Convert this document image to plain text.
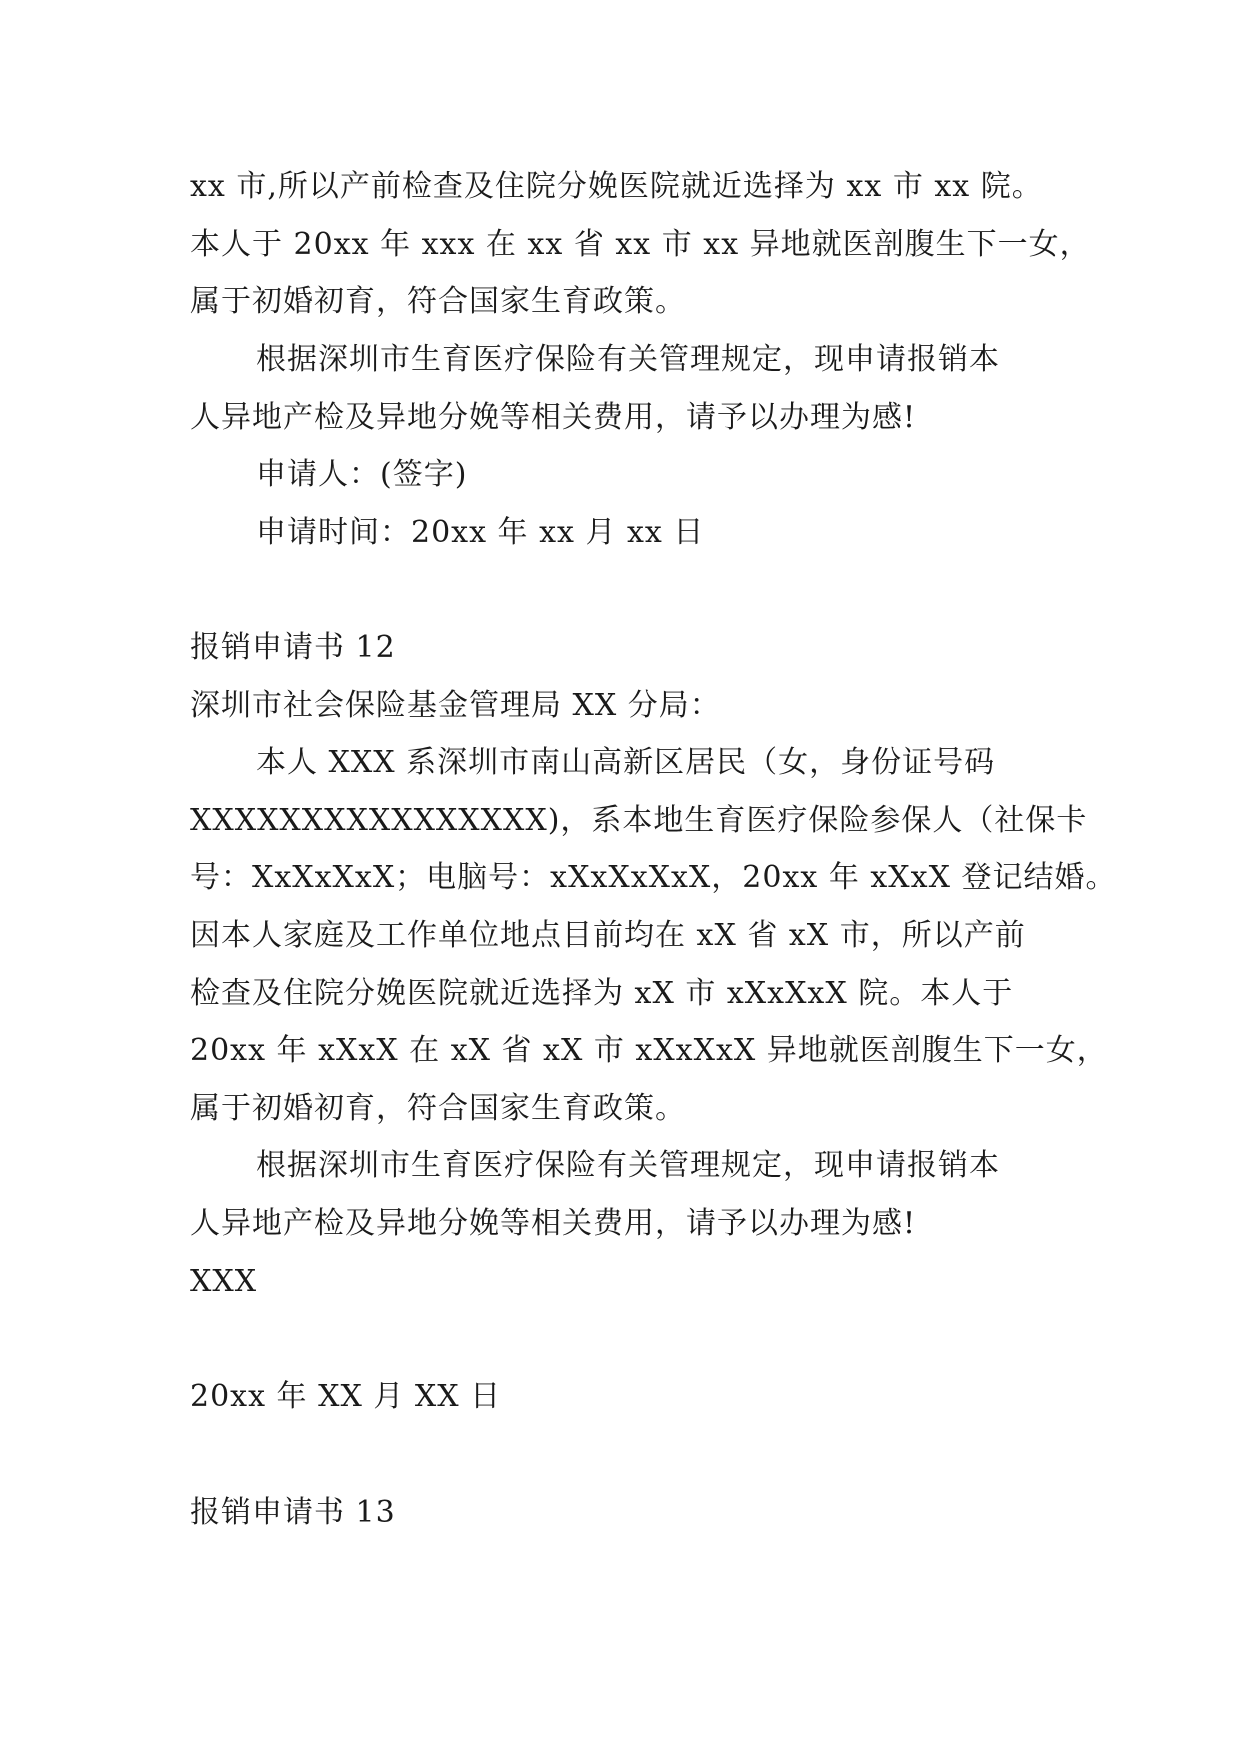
xx 市,所以产前检查及住院分娩医院就近选择为 xx 市 xx 院。
本人于 20xx 年 xxx 在 xx 省 xx 市 xx 异地就医剖腹生下一女，
属于初婚初育，符合国家生育政策。
根据深圳市生育医疗保险有关管理规定，现申请报销本
人异地产检及异地分娩等相关费用，请予以办理为感!
申请人：(签字)
申请时间：20xx 年 xx 月 xx 日
报销申请书 12
深圳市社会保险基金管理局 XX 分局：
本人 XXX 系深圳市南山高新区居民（女，身份证号码
XXXXXXXXXXXXXXXX)，系本地生育医疗保险参保人（社保卡
号：XxXxXxX；电脑号：xXxXxXxX，20xx 年 xXxX 登记结婚。
因本人家庭及工作单位地点目前均在 xX 省 xX 市，所以产前
检查及住院分娩医院就近选择为 xX 市 xXxXxX 院。本人于
20xx 年 xXxX 在 xX 省 xX 市 xXxXxX 异地就医剖腹生下一女，
属于初婚初育，符合国家生育政策。
根据深圳市生育医疗保险有关管理规定，现申请报销本
人异地产检及异地分娩等相关费用，请予以办理为感!
XXX
20xx 年 XX 月 XX 日
报销申请书 13
